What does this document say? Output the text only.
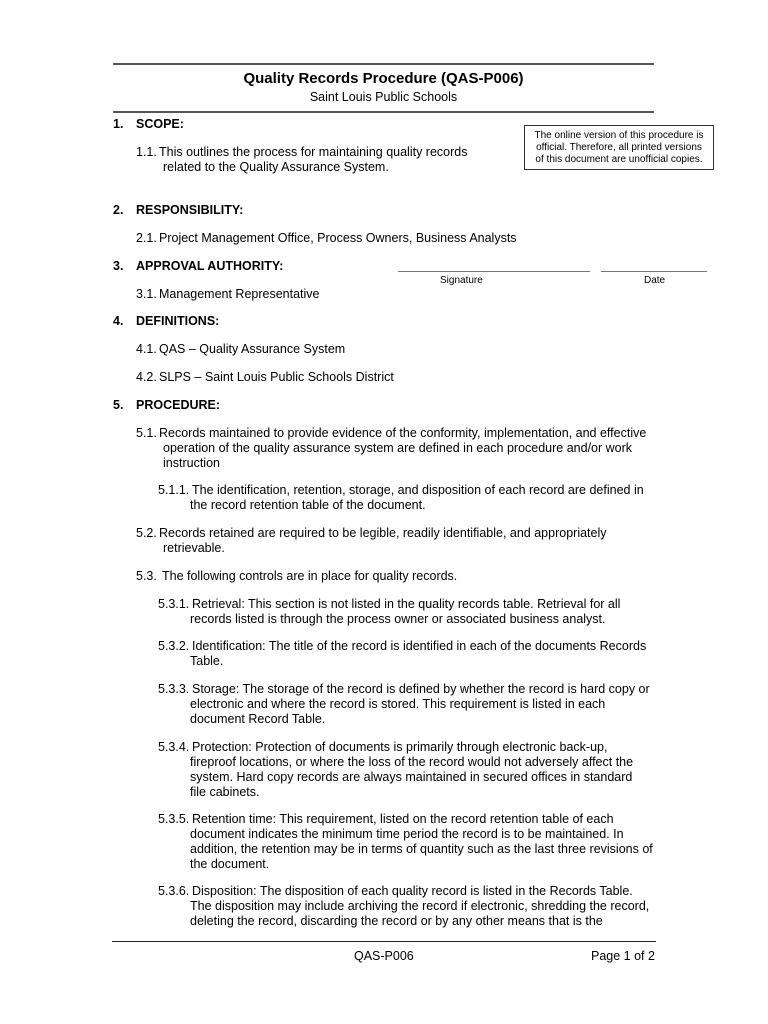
Quality Records Procedure (QAS-P006)
Saint Louis Public Schools
The online version of this procedure is
official. Therefore, all printed versions
of this document are unofficial copies.
1. SCOPE:
1.1. This outlines the process for maintaining quality records
related to the Quality Assurance System.
2. RESPONSIBILITY:
2.1. Project Management Office, Process Owners, Business Analysts
3. APPROVAL AUTHORITY:
Signature	Date
3.1. Management Representative
4. DEFINITIONS:
4.1. QAS – Quality Assurance System
4.2. SLPS – Saint Louis Public Schools District
5. PROCEDURE:
5.1. Records maintained to provide evidence of the conformity, implementation, and effective
operation of the quality assurance system are defined in each procedure and/or work
instruction
5.1.1. The identification, retention, storage, and disposition of each record are defined in
the record retention table of the document.
5.2. Records retained are required to be legible, readily identifiable, and appropriately
retrievable.
5.3. The following controls are in place for quality records.
5.3.1. Retrieval: This section is not listed in the quality records table. Retrieval for all
records listed is through the process owner or associated business analyst.
5.3.2. Identification: The title of the record is identified in each of the documents Records
Table.
5.3.3. Storage: The storage of the record is defined by whether the record is hard copy or
electronic and where the record is stored. This requirement is listed in each
document Record Table.
5.3.4. Protection: Protection of documents is primarily through electronic back-up,
fireproof locations, or where the loss of the record would not adversely affect the
system. Hard copy records are always maintained in secured offices in standard
file cabinets.
5.3.5. Retention time: This requirement, listed on the record retention table of each
document indicates the minimum time period the record is to be maintained. In
addition, the retention may be in terms of quantity such as the last three revisions of
the document.
5.3.6. Disposition: The disposition of each quality record is listed in the Records Table.
The disposition may include archiving the record if electronic, shredding the record,
deleting the record, discarding the record or by any other means that is the
QAS-P006	Page 1 of 2
